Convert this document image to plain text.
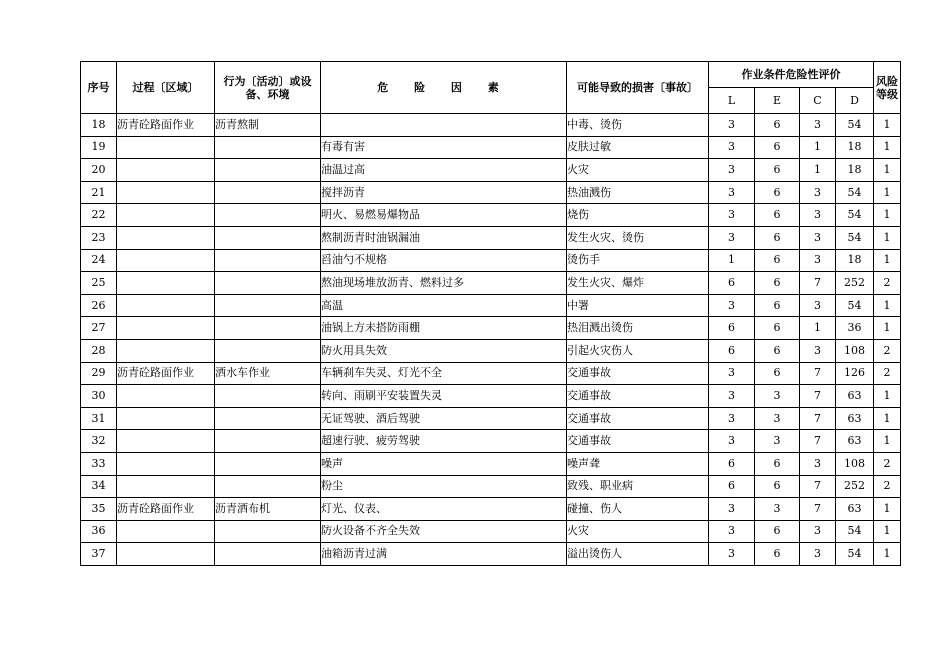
序号	过程〔区域〕	行为〔活动〕或设备、环境	危 险 因 素	可能导致的损害〔事故〕	作业条件危险性评价				风险等级
					L	E	C	D	
18	沥青砼路面作业	沥青熬制		中毒、烫伤	3	6	3	54	1
19			有毒有害	皮肤过敏	3	6	1	18	1
20			油温过高	火灾	3	6	1	18	1
21			搅拌沥青	热油溅伤	3	6	3	54	1
22			明火、易燃易爆物品	烧伤	3	6	3	54	1
23			熬制沥青时油锅漏油	发生火灾、烫伤	3	6	3	54	1
24			舀油勺不规格	烫伤手	1	6	3	18	1
25			熬油现场堆放沥青、燃料过多	发生火灾、爆炸	6	6	7	252	2
26			高温	中署	3	6	3	54	1
27			油锅上方未搭防雨棚	热泪溅出烫伤	6	6	1	36	1
28			防火用具失效	引起火灾伤人	6	6	3	108	2
29	沥青砼路面作业	洒水车作业	车辆刹车失灵、灯光不全	交通事故	3	6	7	126	2
30			转向、雨刷平安装置失灵	交通事故	3	3	7	63	1
31			无证驾驶、酒后驾驶	交通事故	3	3	7	63	1
32			超速行驶、疲劳驾驶	交通事故	3	3	7	63	1
33			噪声	噪声聋	6	6	3	108	2
34			粉尘	致残、职业病	6	6	7	252	2
35	沥青砼路面作业	沥青洒布机	灯光、仪表、	碰撞、伤人	3	3	7	63	1
36			防火设备不齐全失效	火灾	3	6	3	54	1
37			油箱沥青过满	溢出烫伤人	3	6	3	54	1
